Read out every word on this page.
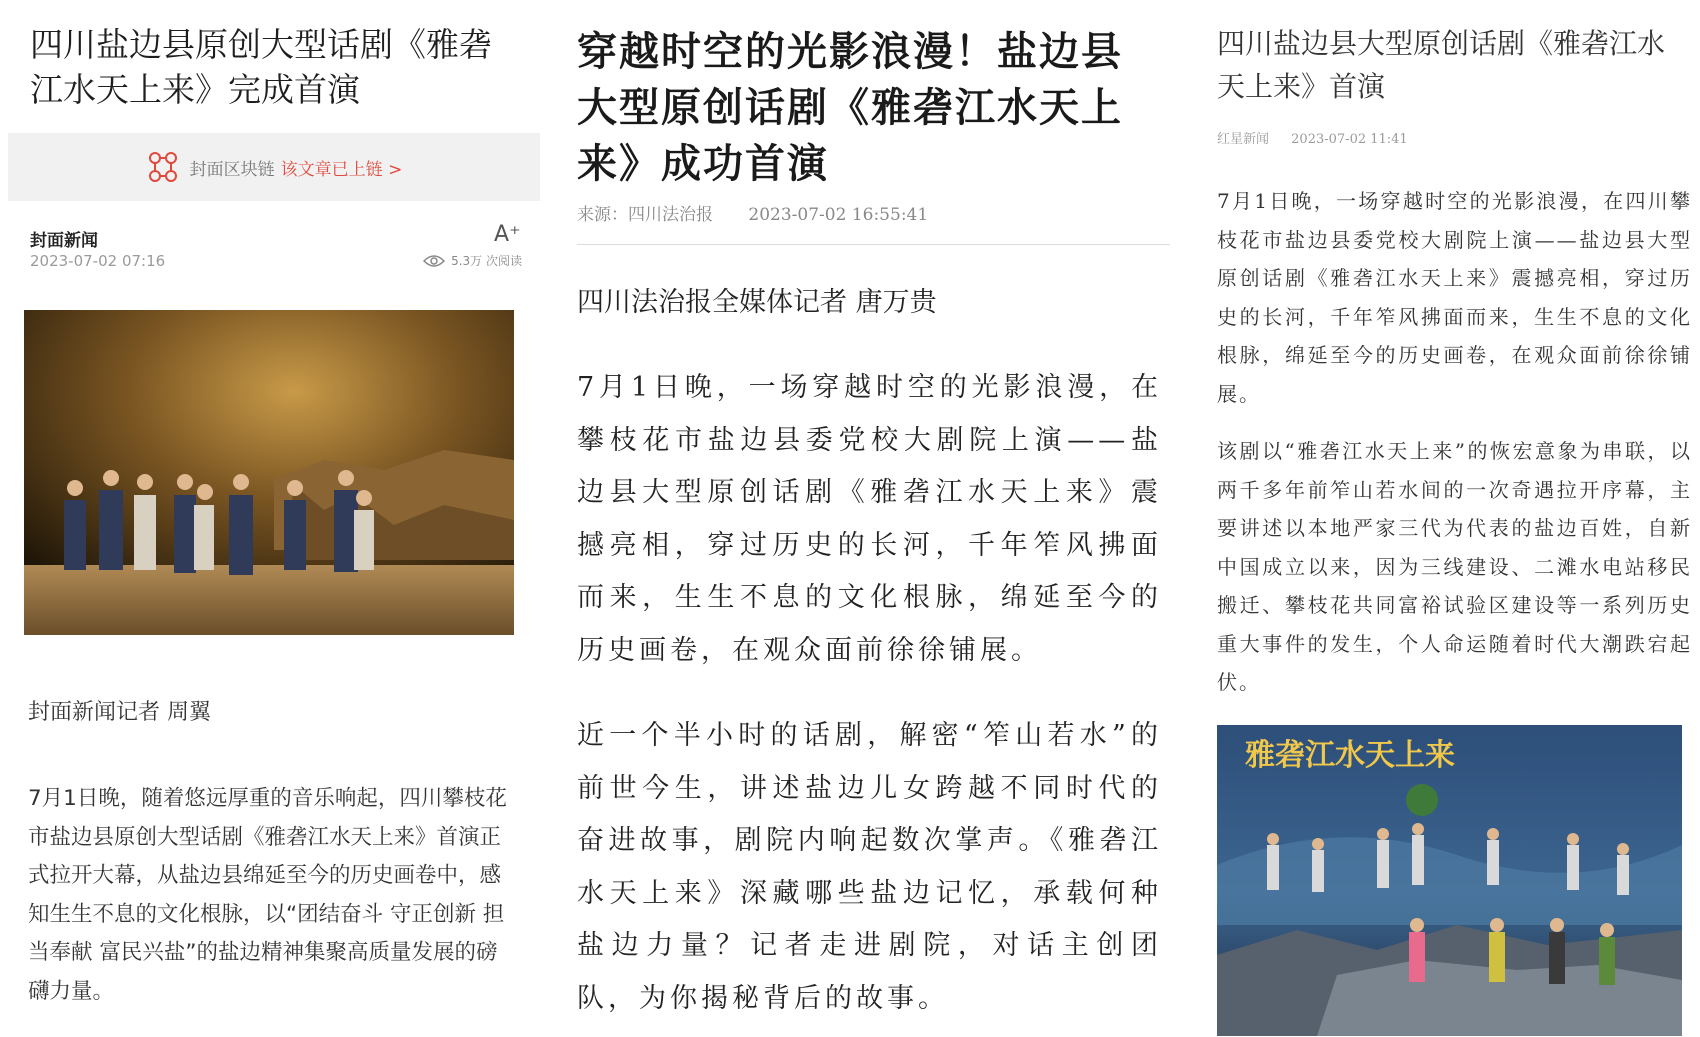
四川盐边县原创大型话剧《雅砻江水天上来》完成首演
封面区块链 该文章已上链 >
封面新闻
2023-07-02 07:16
A⁺
5.3万 次阅读
封面新闻记者 周翼
7月1日晚，随着悠远厚重的音乐响起，四川攀枝花市盐边县原创大型话剧《雅砻江水天上来》首演正式拉开大幕，从盐边县绵延至今的历史画卷中，感知生生不息的文化根脉，以“团结奋斗 守正创新 担当奉献 富民兴盐”的盐边精神集聚高质量发展的磅礴力量。
穿越时空的光影浪漫！盐边县大型原创话剧《雅砻江水天上来》成功首演
来源：四川法治报 2023-07-02 16:55:41
四川法治报全媒体记者 唐万贵
7月1日晚，一场穿越时空的光影浪漫，在攀枝花市盐边县委党校大剧院上演——盐边县大型原创话剧《雅砻江水天上来》震撼亮相，穿过历史的长河，千年笮风拂面而来，生生不息的文化根脉，绵延至今的历史画卷，在观众面前徐徐铺展。
近一个半小时的话剧，解密“笮山若水”的前世今生，讲述盐边儿女跨越不同时代的奋进故事，剧院内响起数次掌声。《雅砻江水天上来》深藏哪些盐边记忆，承载何种盐边力量？记者走进剧院，对话主创团队，为你揭秘背后的故事。
四川盐边县大型原创话剧《雅砻江水天上来》首演
红星新闻 2023-07-02 11:41
7月1日晚，一场穿越时空的光影浪漫，在四川攀枝花市盐边县委党校大剧院上演——盐边县大型原创话剧《雅砻江水天上来》震撼亮相，穿过历史的长河，千年笮风拂面而来，生生不息的文化根脉，绵延至今的历史画卷，在观众面前徐徐铺展。
该剧以“雅砻江水天上来”的恢宏意象为串联，以两千多年前笮山若水间的一次奇遇拉开序幕，主要讲述以本地严家三代为代表的盐边百姓，自新中国成立以来，因为三线建设、二滩水电站移民搬迁、攀枝花共同富裕试验区建设等一系列历史重大事件的发生，个人命运随着时代大潮跌宕起伏。
雅砻江水天上来
